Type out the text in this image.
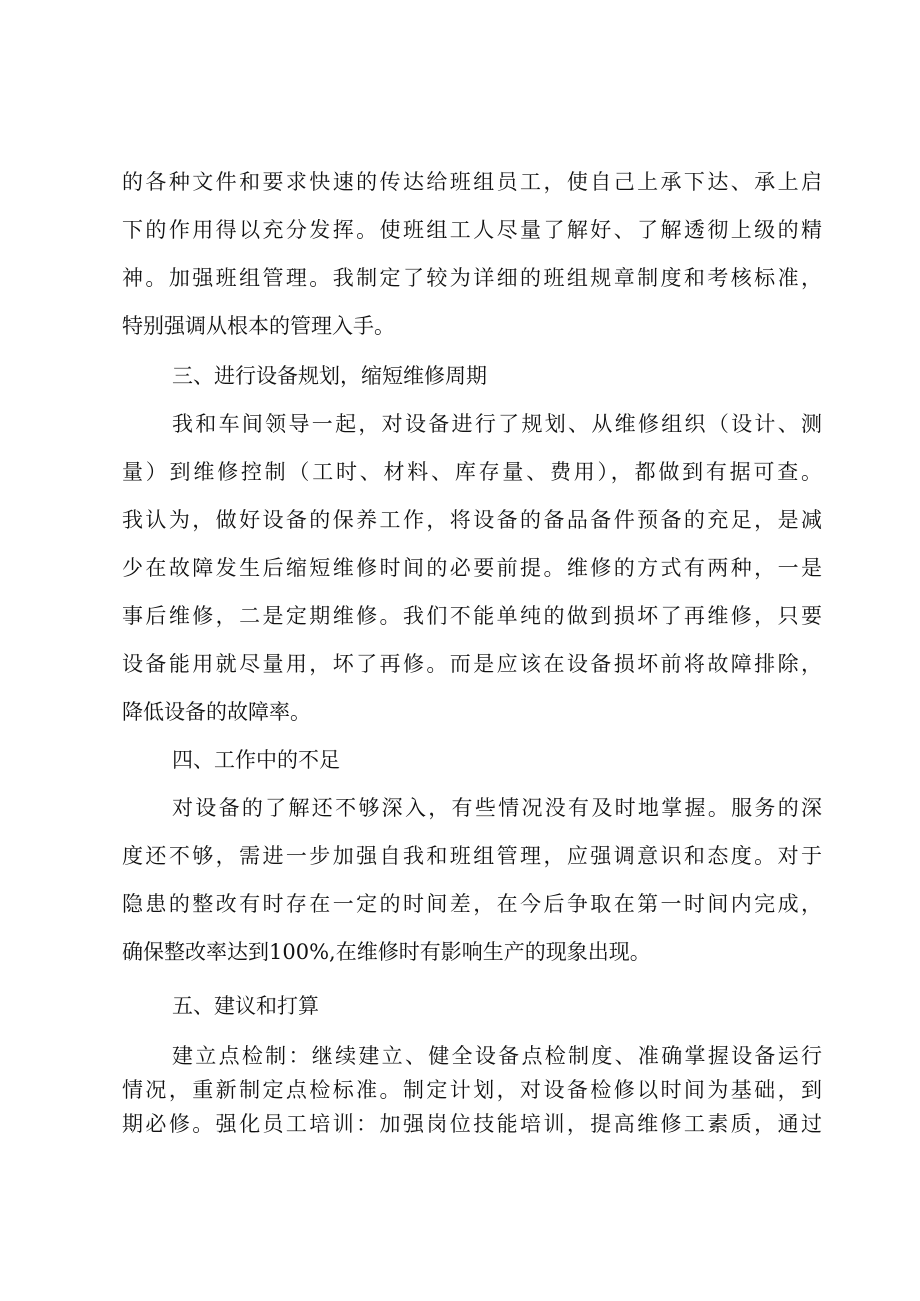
的各种文件和要求快速的传达给班组员工，使自己上承下达、承上启
下的作用得以充分发挥。使班组工人尽量了解好、了解透彻上级的精
神。加强班组管理。我制定了较为详细的班组规章制度和考核标准，
特别强调从根本的管理入手。
三、进行设备规划，缩短维修周期
我和车间领导一起，对设备进行了规划、从维修组织（设计、测
量）到维修控制（工时、材料、库存量、费用），都做到有据可查。
我认为，做好设备的保养工作，将设备的备品备件预备的充足，是减
少在故障发生后缩短维修时间的必要前提。维修的方式有两种，一是
事后维修，二是定期维修。我们不能单纯的做到损坏了再维修，只要
设备能用就尽量用，坏了再修。而是应该在设备损坏前将故障排除，
降低设备的故障率。
四、工作中的不足
对设备的了解还不够深入，有些情况没有及时地掌握。服务的深
度还不够，需进一步加强自我和班组管理，应强调意识和态度。对于
隐患的整改有时存在一定的时间差，在今后争取在第一时间内完成，
确保整改率达到100%,在维修时有影响生产的现象出现。
五、建议和打算
建立点检制：继续建立、健全设备点检制度、准确掌握设备运行
情况，重新制定点检标准。制定计划，对设备检修以时间为基础，到
期必修。强化员工培训：加强岗位技能培训，提高维修工素质，通过
